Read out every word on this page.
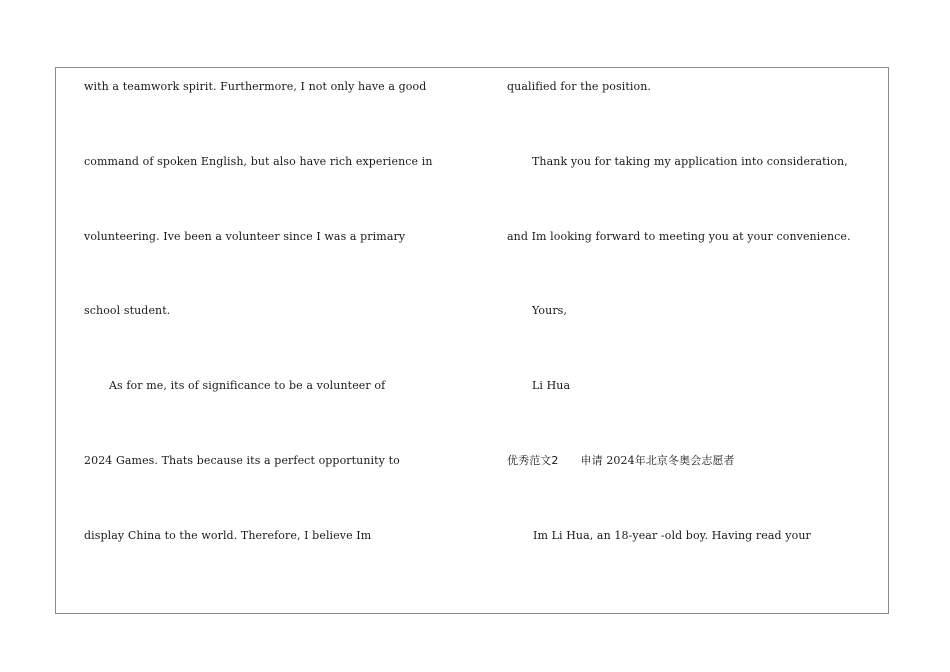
with a teamwork spirit. Furthermore, I not only have a good
command of spoken English, but also have rich experience in
volunteering. Ive been a volunteer since I was a primary
school student.
As for me, its of significance to be a volunteer of
2024 Games. Thats because its a perfect opportunity to
display China to the world. Therefore, I believe Im
qualified for the position.
Thank you for taking my application into consideration,
and Im looking forward to meeting you at your convenience.
Yours,
Li Hua
优秀范文2 申请 2024年北京冬奥会志愿者
Im Li Hua, an 18-year -old boy. Having read your
